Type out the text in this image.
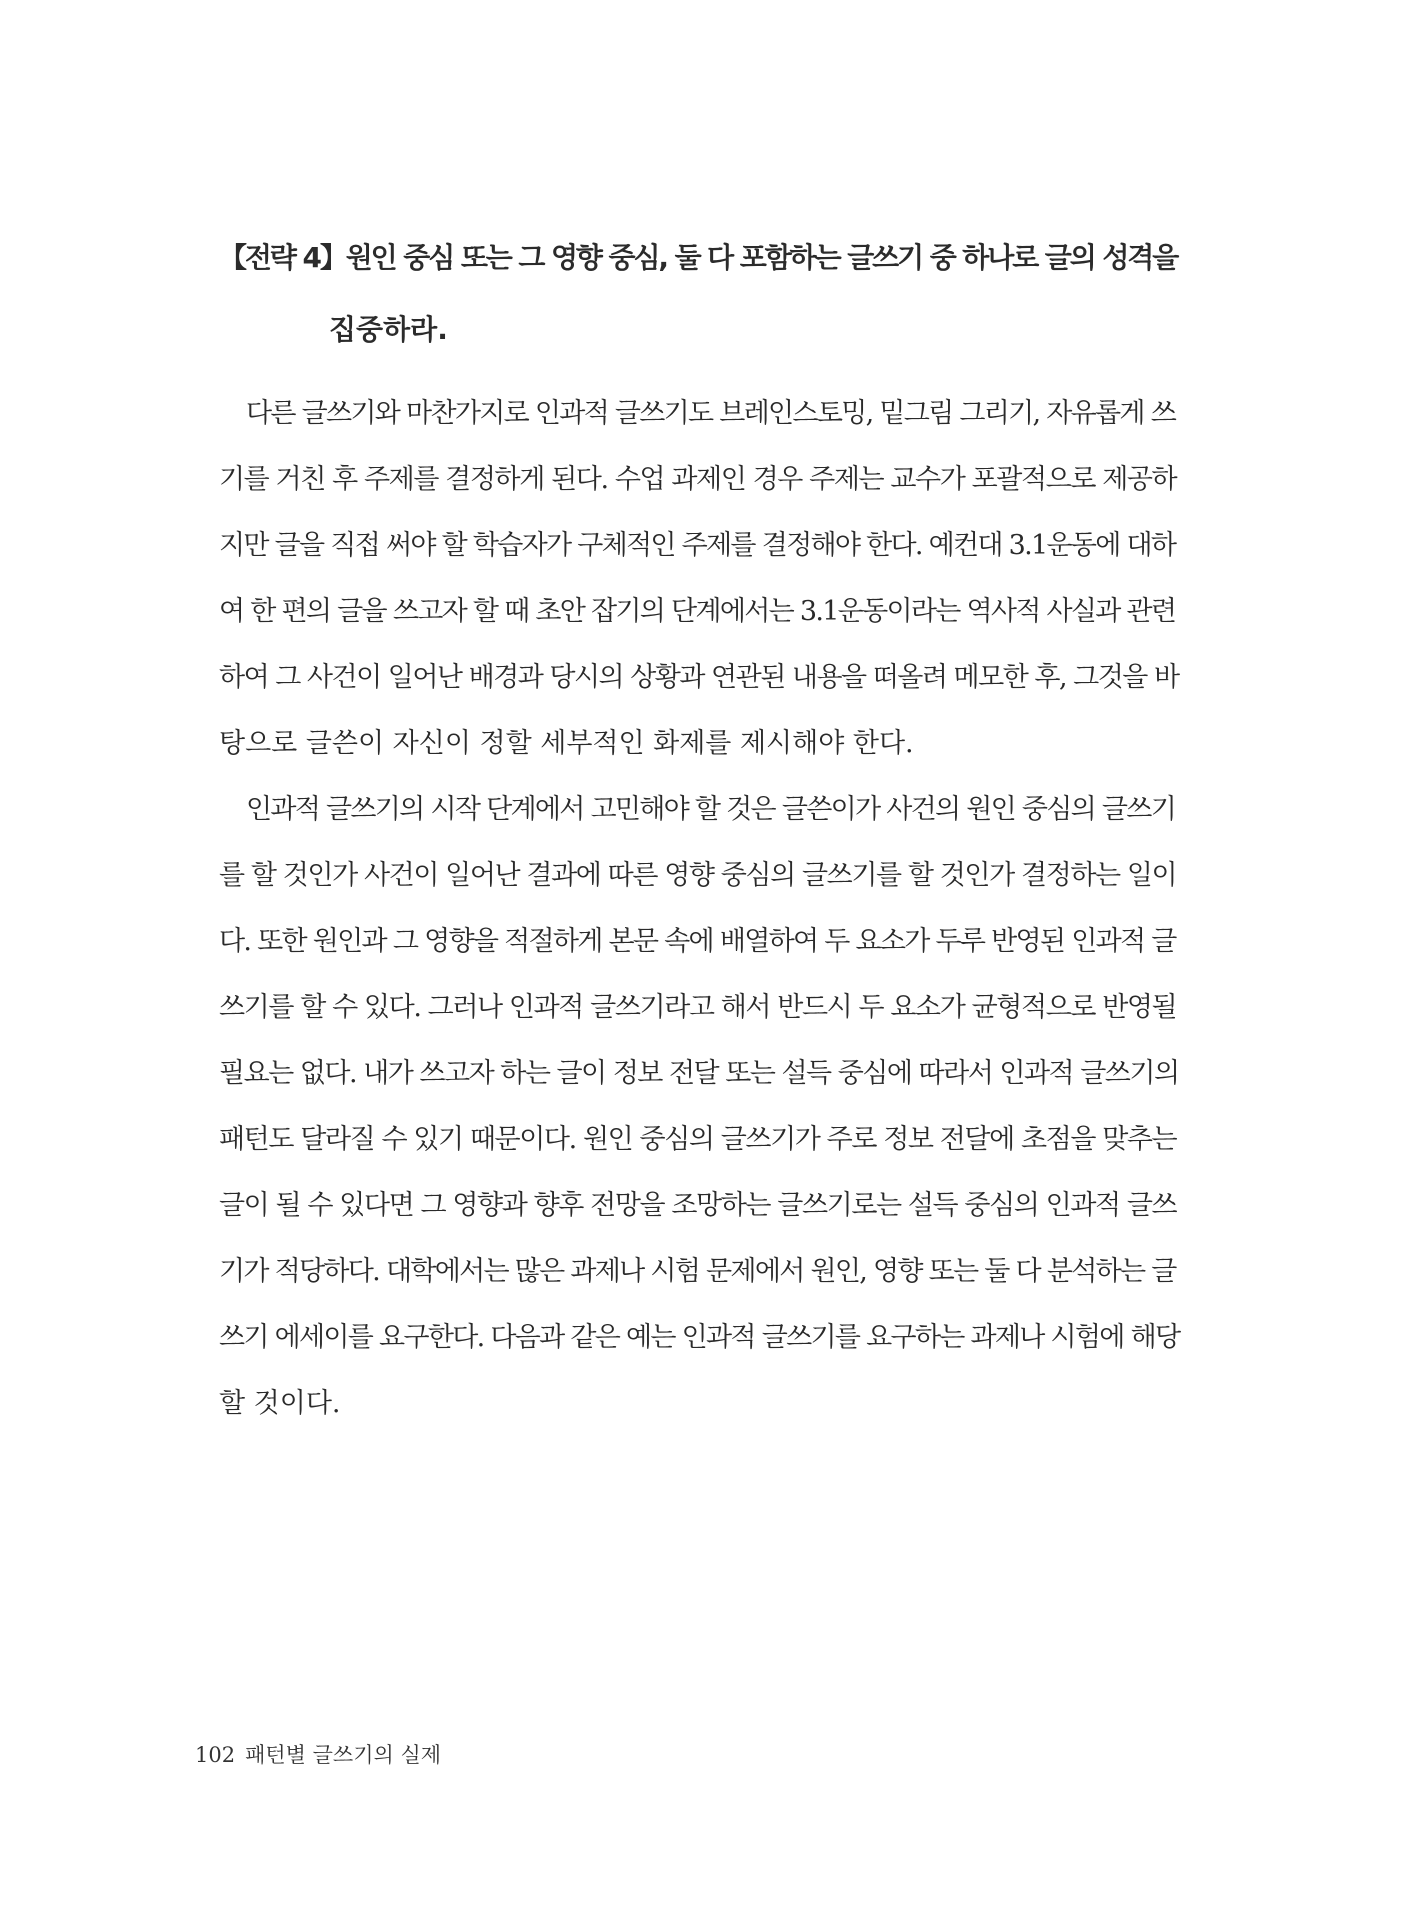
【전략 4】원인 중심 또는 그 영향 중심, 둘 다 포함하는 글쓰기 중 하나로 글의 성격을
집중하라.
다른 글쓰기와 마찬가지로 인과적 글쓰기도 브레인스토밍, 밑그림 그리기, 자유롭게 쓰
기를 거친 후 주제를 결정하게 된다. 수업 과제인 경우 주제는 교수가 포괄적으로 제공하
지만 글을 직접 써야 할 학습자가 구체적인 주제를 결정해야 한다. 예컨대 3.1운동에 대하
여 한 편의 글을 쓰고자 할 때 초안 잡기의 단계에서는 3.1운동이라는 역사적 사실과 관련
하여 그 사건이 일어난 배경과 당시의 상황과 연관된 내용을 떠올려 메모한 후, 그것을 바
탕으로 글쓴이 자신이 정할 세부적인 화제를 제시해야 한다.
인과적 글쓰기의 시작 단계에서 고민해야 할 것은 글쓴이가 사건의 원인 중심의 글쓰기
를 할 것인가 사건이 일어난 결과에 따른 영향 중심의 글쓰기를 할 것인가 결정하는 일이
다. 또한 원인과 그 영향을 적절하게 본문 속에 배열하여 두 요소가 두루 반영된 인과적 글
쓰기를 할 수 있다. 그러나 인과적 글쓰기라고 해서 반드시 두 요소가 균형적으로 반영될
필요는 없다. 내가 쓰고자 하는 글이 정보 전달 또는 설득 중심에 따라서 인과적 글쓰기의
패턴도 달라질 수 있기 때문이다. 원인 중심의 글쓰기가 주로 정보 전달에 초점을 맞추는
글이 될 수 있다면 그 영향과 향후 전망을 조망하는 글쓰기로는 설득 중심의 인과적 글쓰
기가 적당하다. 대학에서는 많은 과제나 시험 문제에서 원인, 영향 또는 둘 다 분석하는 글
쓰기 에세이를 요구한다. 다음과 같은 예는 인과적 글쓰기를 요구하는 과제나 시험에 해당
할 것이다.
102 패턴별 글쓰기의 실제
